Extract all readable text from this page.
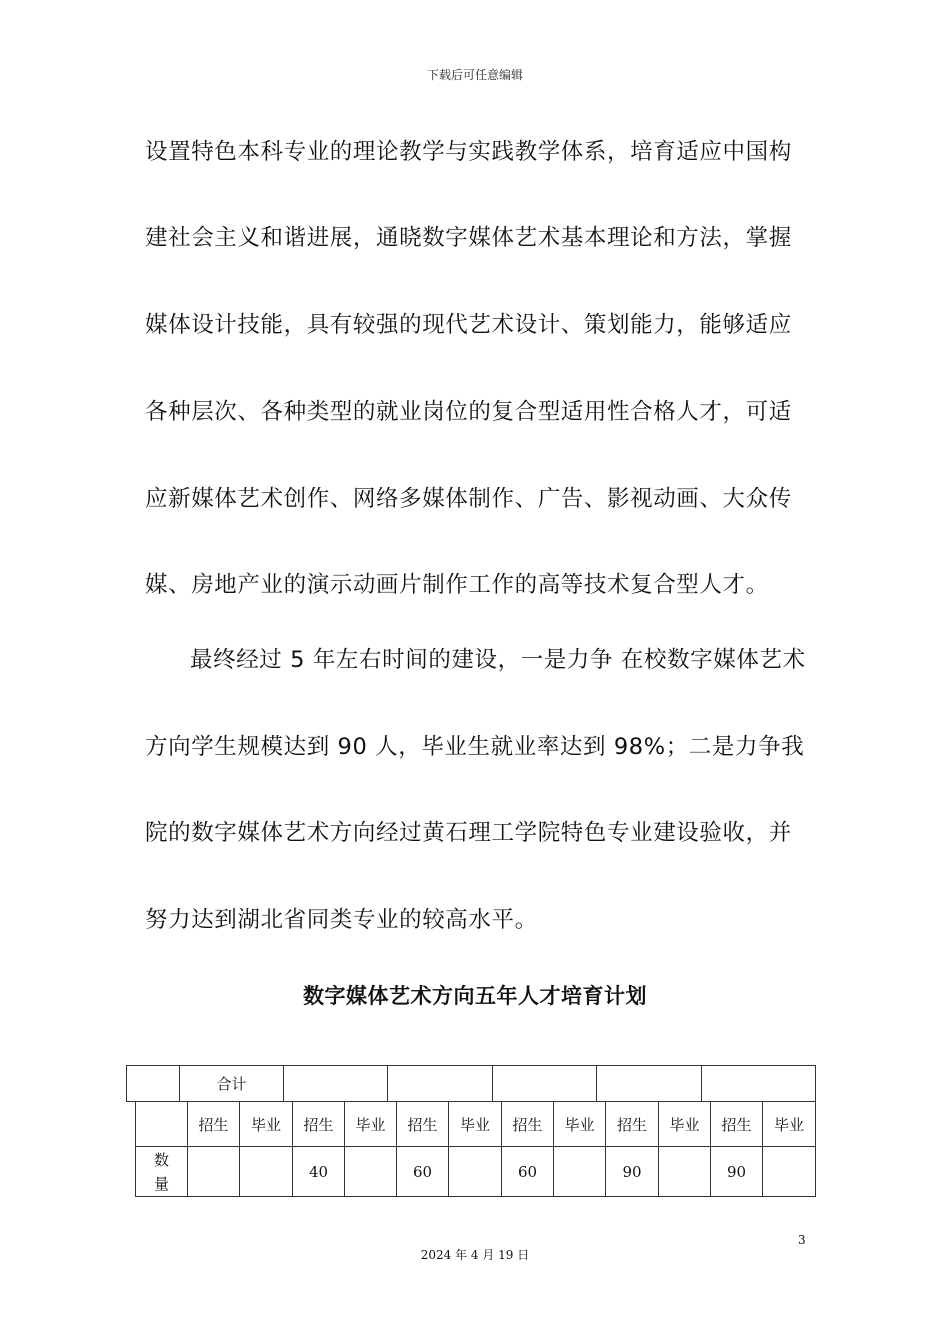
下载后可任意编辑
设置特色本科专业的理论教学与实践教学体系，培育适应中国构
建社会主义和谐进展，通晓数字媒体艺术基本理论和方法，掌握
媒体设计技能，具有较强的现代艺术设计、策划能力，能够适应
各种层次、各种类型的就业岗位的复合型适用性合格人才，可适
应新媒体艺术创作、网络多媒体制作、广告、影视动画、大众传
媒、房地产业的演示动画片制作工作的高等技术复合型人才。
最终经过 5 年左右时间的建设，一是力争 在校数字媒体艺术
方向学生规模达到 90 人，毕业生就业率达到 98%；二是力争我
院的数字媒体艺术方向经过黄石理工学院特色专业建设验收，并
努力达到湖北省同类专业的较高水平。
数字媒体艺术方向五年人才培育计划
	合计					
	招生	毕业	招生	毕业	招生	毕业	招生	毕业	招生	毕业	招生	毕业

数
量			40		60		60		90		90	
3
2024 年 4 月 19 日
